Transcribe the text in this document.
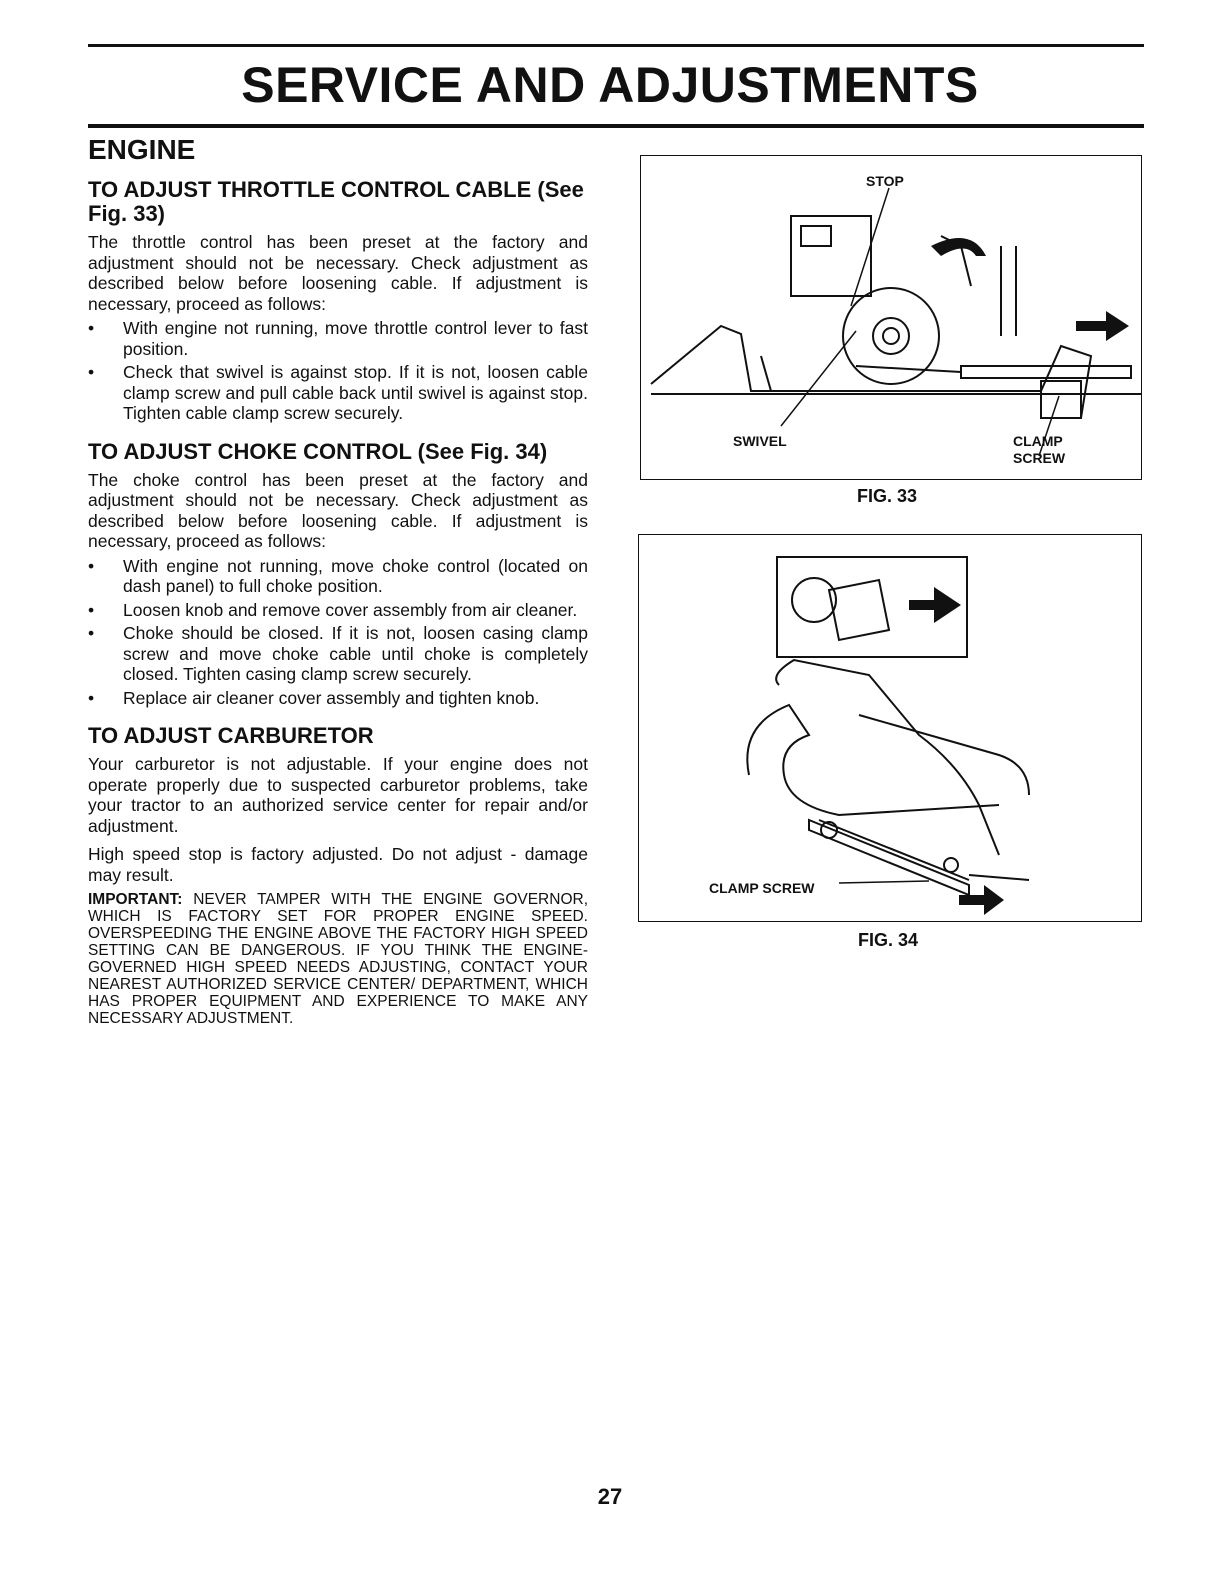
SERVICE AND ADJUSTMENTS
ENGINE
TO ADJUST THROTTLE CONTROL CABLE (See Fig. 33)

The throttle control has been preset at the factory and adjustment should not be necessary. Check adjustment as described below before loosening cable. If adjustment is necessary, proceed as follows:

• With engine not running, move throttle control lever to fast position.
• Check that swivel is against stop. If it is not, loosen cable clamp screw and pull cable back until swivel is against stop. Tighten cable clamp screw securely.
TO ADJUST CHOKE CONTROL (See Fig. 34)

The choke control has been preset at the factory and adjustment should not be necessary. Check adjustment as described below before loosening cable. If adjustment is necessary, proceed as follows:

• With engine not running, move choke control (located on dash panel) to full choke position.
• Loosen knob and remove cover assembly from air cleaner.
• Choke should be closed. If it is not, loosen casing clamp screw and move choke cable until choke is completely closed. Tighten casing clamp screw securely.
• Replace air cleaner cover assembly and tighten knob.
TO ADJUST CARBURETOR

Your carburetor is not adjustable. If your engine does not operate properly due to suspected carburetor problems, take your tractor to an authorized service center for repair and/or adjustment.

High speed stop is factory adjusted. Do not adjust - damage may result.

IMPORTANT: NEVER TAMPER WITH THE ENGINE GOVERNOR, WHICH IS FACTORY SET FOR PROPER ENGINE SPEED. OVERSPEEDING THE ENGINE ABOVE THE FACTORY HIGH SPEED SETTING CAN BE DANGEROUS. IF YOU THINK THE ENGINE-GOVERNED HIGH SPEED NEEDS ADJUSTING, CONTACT YOUR NEAREST AUTHORIZED SERVICE CENTER/ DEPARTMENT, WHICH HAS PROPER EQUIPMENT AND EXPERIENCE TO MAKE ANY NECESSARY ADJUSTMENT.

STOP
SWIVEL	CLAMP
SCREW
FIG. 33
CLAMP SCREW
FIG. 34
27
